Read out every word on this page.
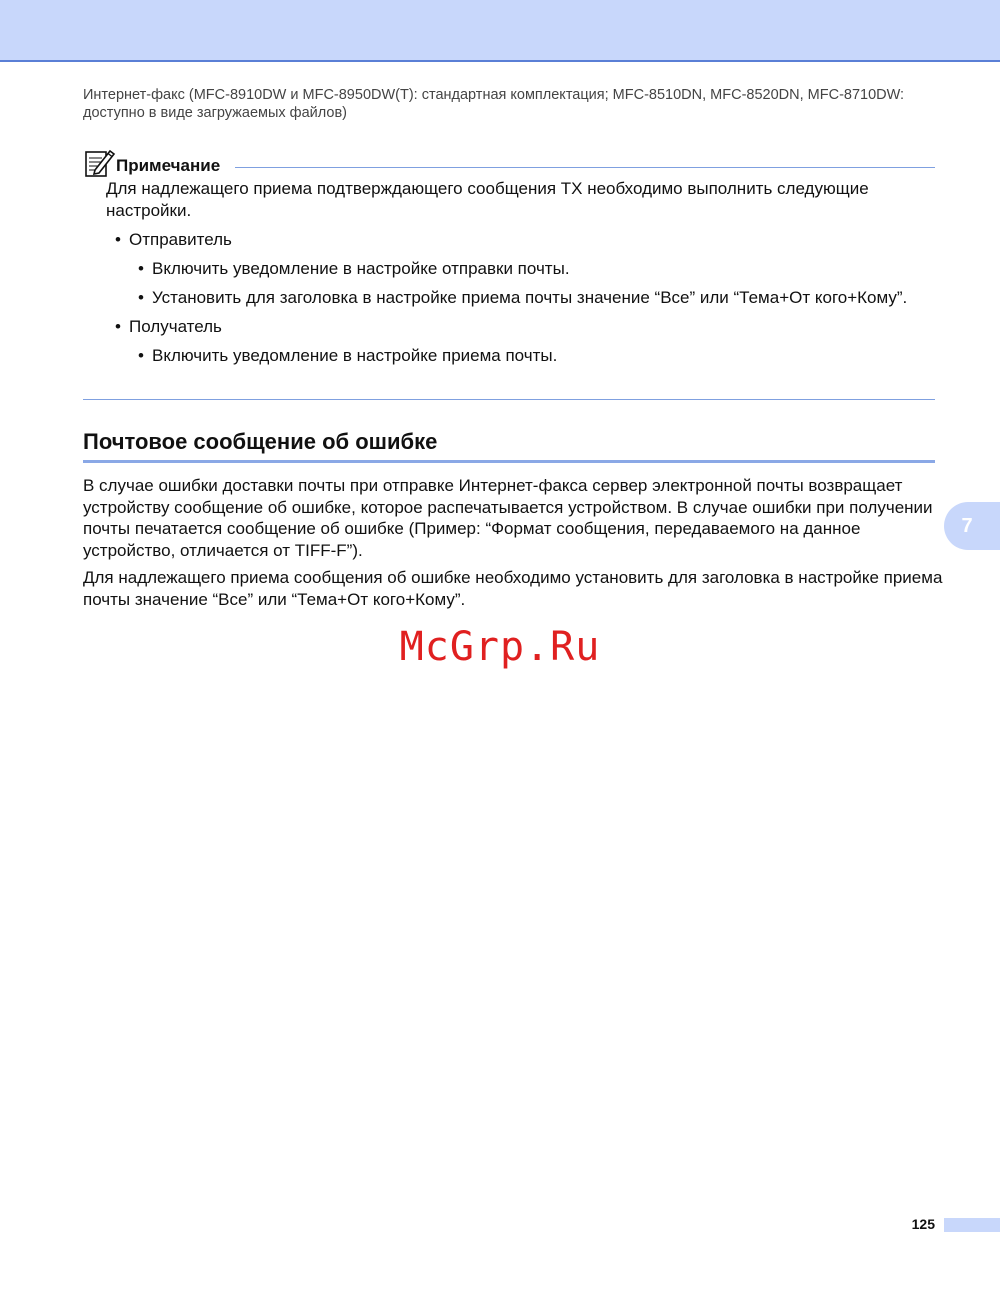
Интернет-факс (MFC-8910DW и MFC-8950DW(T): стандартная комплектация; MFC-8510DN, MFC-8520DN, MFC-8710DW:
доступно в виде загружаемых файлов)
Примечание

Для надлежащего приема подтверждающего сообщения TX необходимо выполнить следующие настройки.

• Отправитель
• Включить уведомление в настройке отправки почты.
• Установить для заголовка в настройке приема почты значение “Все” или “Тема+От кого+Кому”.
• Получатель
• Включить уведомление в настройке приема почты.
Почтовое сообщение об ошибке

В случае ошибки доставки почты при отправке Интернет-факса сервер электронной почты возвращает устройству сообщение об ошибке, которое распечатывается устройством. В случае ошибки при получении почты печатается сообщение об ошибке (Пример: “Формат сообщения, передаваемого на данное устройство, отличается от TIFF-F”).

Для надлежащего приема сообщения об ошибке необходимо установить для заголовка в настройке приема почты значение “Все” или “Тема+От кого+Кому”.

McGrp.Ru
7
125
